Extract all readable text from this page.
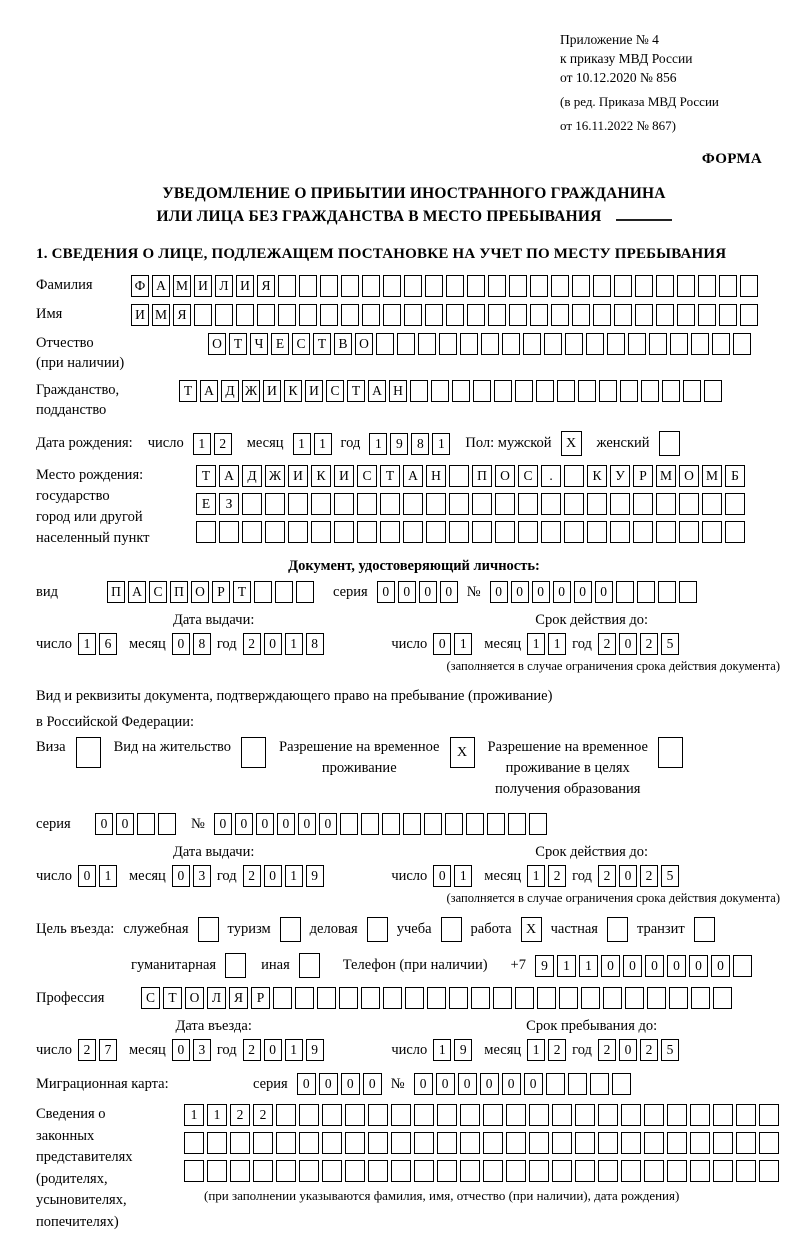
Приложение № 4
к приказу МВД России
от 10.12.2020 № 856
(в ред. Приказа МВД России
от 16.11.2022 № 867)
ФОРМА
УВЕДОМЛЕНИЕ О ПРИБЫТИИ ИНОСТРАННОГО ГРАЖДАНИНА
ИЛИ ЛИЦА БЕЗ ГРАЖДАНСТВА В МЕСТО ПРЕБЫВАНИЯ
1. СВЕДЕНИЯ О ЛИЦЕ, ПОДЛЕЖАЩЕМ ПОСТАНОВКЕ НА УЧЕТ ПО МЕСТУ ПРЕБЫВАНИЯ
Фамилия	Ф А М И Л И Я
Имя	И М Я
Отчество
(при наличии)
О Т Ч Е С Т В О
Гражданство,
подданство
Т А Д Ж И К И С Т А Н
Дата рождения: число	1	2	месяц	1	1	год	1	9	8	1	Пол: мужской	X	женский
Место рождения:
государство
город или другой
населенный пункт
Т	А	Д Ж И	К	И	С	Т	А Н	П О	С	.	К	У	Р М О М Б
Е	З
Документ, удостоверяющий личность:
вид	П А С П О Р Т	серия	0	0	0	0	№	0	0	0	0	0	0
Дата выдачи:
число 1	6	месяц 0	8 год 2	0	1	8
Срок действия до:
число 0	1	месяц 1	1 год 2	0	2	5
(заполняется в случае ограничения срока действия документа)
Вид и реквизиты документа, подтверждающего право на пребывание (проживание)
в Российской Федерации:
Виза	Вид на жительство	Разрешение на временное
проживание
X	Разрешение на временное
проживание в целях
получения образования
серия	0	0	№	0	0	0	0	0	0
Дата выдачи:
число 0	1	месяц 0	3 год 2	0	1	9
Срок действия до:
число 0	1	месяц 1	2 год 2	0	2	5
(заполняется в случае ограничения срока действия документа)
Цель въезда: служебная	туризм	деловая	учеба	работа	X частная	транзит
гуманитарная	иная	Телефон (при наличии) +7	9	1	1	0	0	0	0	0	0
Профессия	С Т О Л Я	Р
Дата въезда:
число 2	7	месяц 0	3 год 2	0	1	9
Срок пребывания до:
число 1	9	месяц 1	2 год 2	0	2	5
Миграционная карта:	серия	0	0	0	0	№	0	0	0	0	0	0
Сведения о
законных
представителях
(родителях,
усыновителях,
попечителях)
1	1	2	2
(при заполнении указываются фамилия, имя, отчество (при наличии), дата рождения)
